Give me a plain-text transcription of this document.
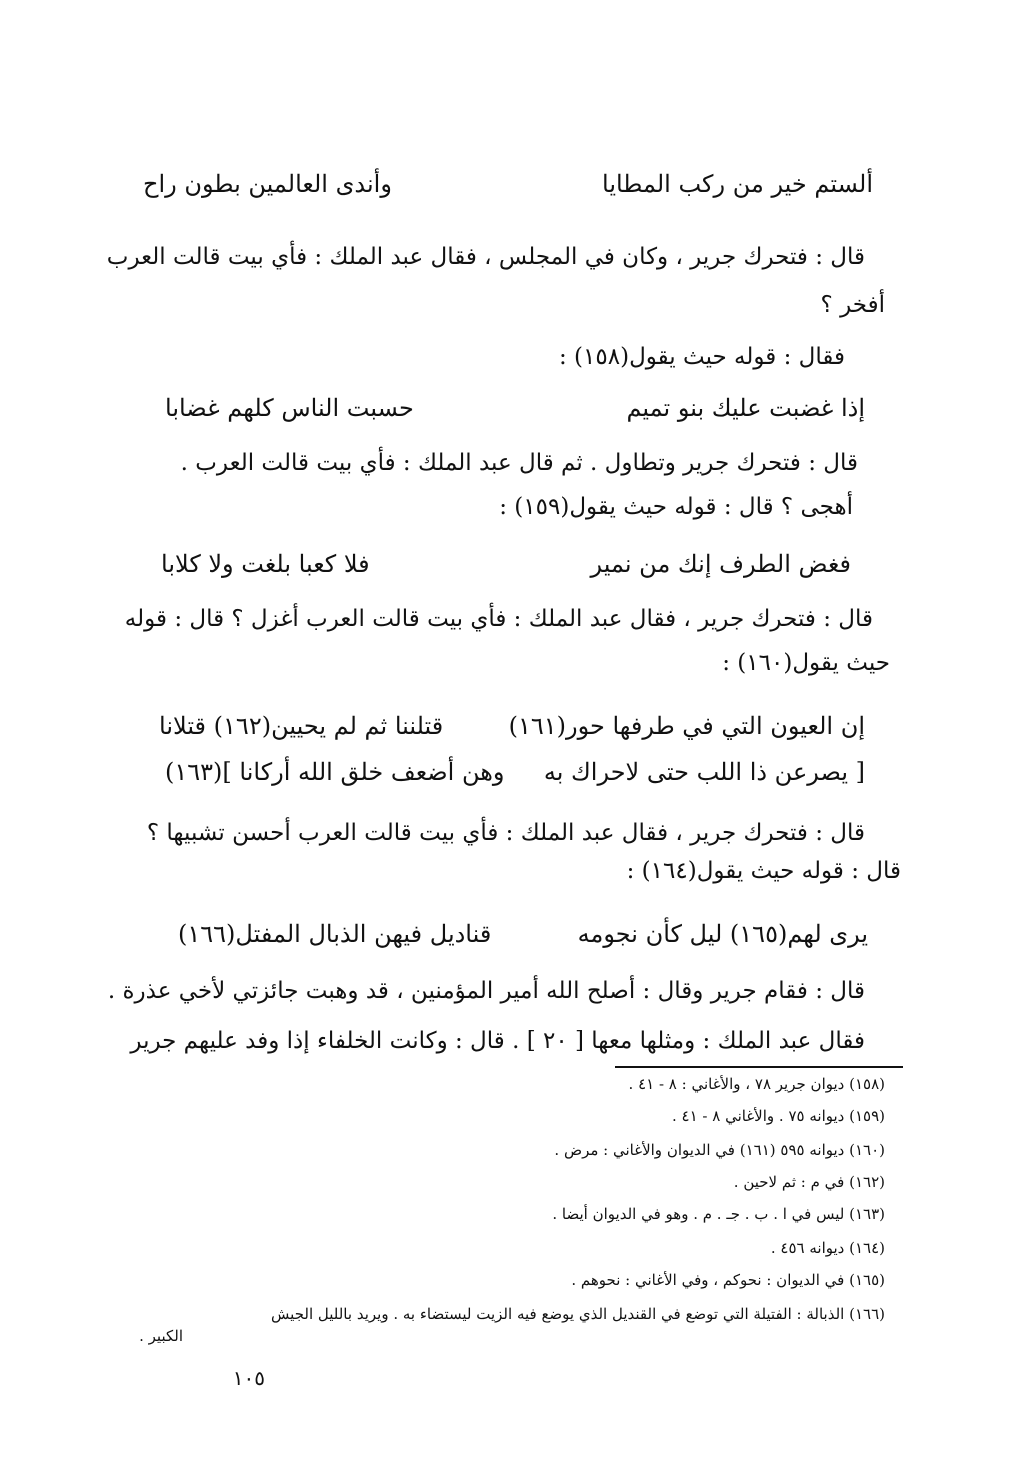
ألستم خير من ركب المطايا
وأندى العالمين بطون راح
قال : فتحرك جرير ، وكان في المجلس ، فقال عبد الملك : فأي بيت قالت العرب
أفخر ؟
فقال : قوله حيث يقول(١٥٨) :
إذا غضبت عليك بنو تميم
حسبت الناس كلهم غضابا
قال : فتحرك جرير وتطاول . ثم قال عبد الملك : فأي بيت قالت العرب .
أهجى ؟ قال : قوله حيث يقول(١٥٩) :
فغض الطرف إنك من نمير
فلا كعبا بلغت ولا كلابا
قال : فتحرك جرير ، فقال عبد الملك : فأي بيت قالت العرب أغزل ؟ قال : قوله
حيث يقول(١٦٠) :
إن العيون التي في طرفها حور(١٦١)
قتلننا ثم لم يحيين(١٦٢) قتلانا
[ يصرعن ذا اللب حتى لاحراك به
وهن أضعف خلق الله أركانا ](١٦٣)
قال : فتحرك جرير ، فقال عبد الملك : فأي بيت قالت العرب أحسن تشبيها ؟
قال : قوله حيث يقول(١٦٤) :
يرى لهم(١٦٥) ليل كأن نجومه
قناديل فيهن الذبال المفتل(١٦٦)
قال : فقام جرير وقال : أصلح الله أمير المؤمنين ، قد وهبت جائزتي لأخي عذرة .
فقال عبد الملك : ومثلها معها [ ٢٠ ] . قال : وكانت الخلفاء إذا وفد عليهم جرير
(١٥٨) ديوان جرير ٧٨ ، والأغاني : ٨ - ٤١ .
(١٥٩) ديوانه ٧٥ . والأغاني ٨ - ٤١ .
(١٦٠) ديوانه ٥٩٥ (١٦١) في الديوان والأغاني : مرض .
(١٦٢) في م : ثم لاحين .
(١٦٣) ليس في ا . ب . جـ . م . وهو في الديوان أيضا .
(١٦٤) ديوانه ٤٥٦ .
(١٦٥) في الديوان : نحوكم ، وفي الأغاني : نحوهم .
(١٦٦) الذبالة : الفتيلة التي توضع في القنديل الذي يوضع فيه الزيت ليستضاء به . ويريد بالليل الجيش
الكبير .
١٠٥
